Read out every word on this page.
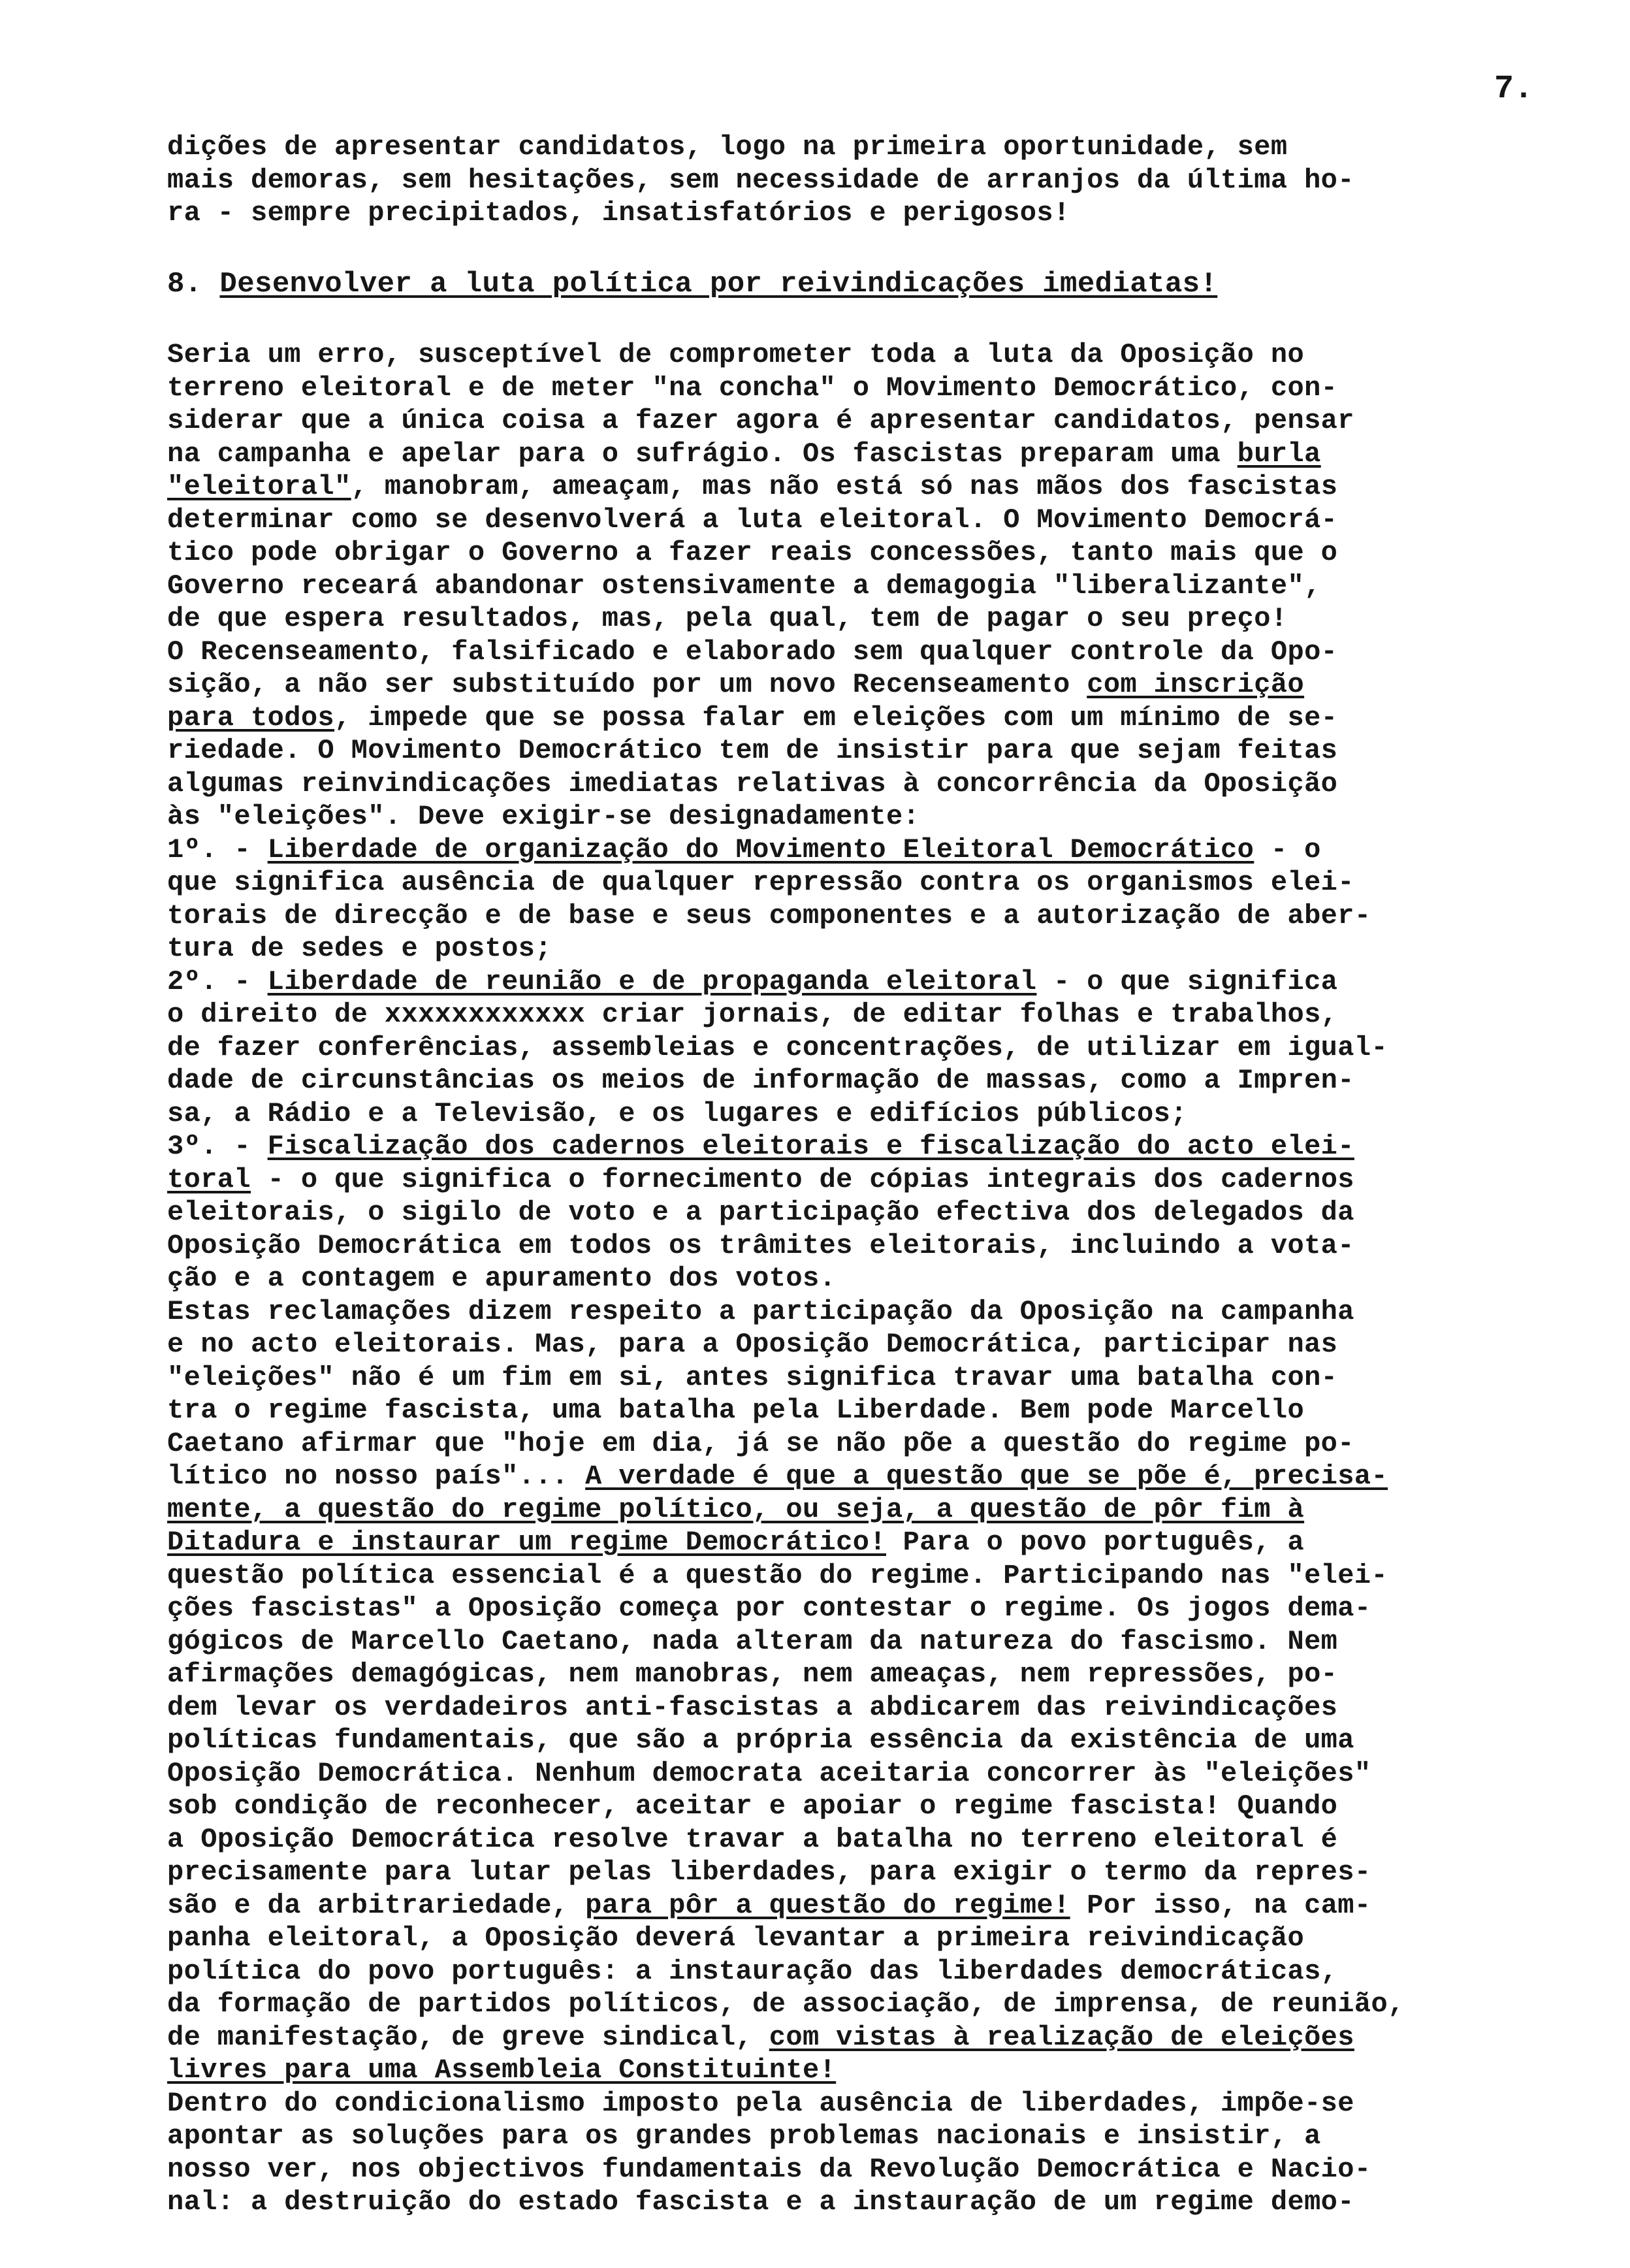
7.

dições de apresentar candidatos, logo na primeira oportunidade, sem
mais demoras, sem hesitações, sem necessidade de arranjos da última ho-
ra - sempre precipitados, insatisfatórios e perigosos!
8. Desenvolver a luta política por reivindicações imediatas!
Seria um erro, susceptível de comprometer toda a luta da Oposição no
terreno eleitoral e de meter "na concha" o Movimento Democrático, con-
siderar que a única coisa a fazer agora é apresentar candidatos, pensar
na campanha e apelar para o sufrágio. Os fascistas preparam uma burla
"eleitoral", manobram, ameaçam, mas não está só nas mãos dos fascistas
determinar como se desenvolverá a luta eleitoral. O Movimento Democrá-
tico pode obrigar o Governo a fazer reais concessões, tanto mais que o
Governo receará abandonar ostensivamente a demagogia "liberalizante",
de que espera resultados, mas, pela qual, tem de pagar o seu preço!
O Recenseamento, falsificado e elaborado sem qualquer controle da Opo-
sição, a não ser substituído por um novo Recenseamento com inscrição
para todos, impede que se possa falar em eleições com um mínimo de se-
riedade. O Movimento Democrático tem de insistir para que sejam feitas
algumas reinvindicações imediatas relativas à concorrência da Oposição
às "eleições". Deve exigir-se designadamente:
1º. - Liberdade de organização do Movimento Eleitoral Democrático - o
que significa ausência de qualquer repressão contra os organismos elei-
torais de direcção e de base e seus componentes e a autorização de aber-
tura de sedes e postos;
2º. - Liberdade de reunião e de propaganda eleitoral - o que significa
o direito de xxxxxxxxxxxx criar jornais, de editar folhas e trabalhos,
de fazer conferências, assembleias e concentrações, de utilizar em igual-
dade de circunstâncias os meios de informação de massas, como a Impren-
sa, a Rádio e a Televisão, e os lugares e edifícios públicos;
3º. - Fiscalização dos cadernos eleitorais e fiscalização do acto elei-
toral - o que significa o fornecimento de cópias integrais dos cadernos
eleitorais, o sigilo de voto e a participação efectiva dos delegados da
Oposição Democrática em todos os trâmites eleitorais, incluindo a vota-
ção e a contagem e apuramento dos votos.
Estas reclamações dizem respeito a participação da Oposição na campanha
e no acto eleitorais. Mas, para a Oposição Democrática, participar nas
"eleições" não é um fim em si, antes significa travar uma batalha con-
tra o regime fascista, uma batalha pela Liberdade. Bem pode Marcello
Caetano afirmar que "hoje em dia, já se não põe a questão do regime po-
lítico no nosso país"... A verdade é que a questão que se põe é, precisa-
mente, a questão do regime político, ou seja, a questão de pôr fim à
Ditadura e instaurar um regime Democrático! Para o povo português, a
questão política essencial é a questão do regime. Participando nas "elei-
ções fascistas" a Oposição começa por contestar o regime. Os jogos dema-
gógicos de Marcello Caetano, nada alteram da natureza do fascismo. Nem
afirmações demagógicas, nem manobras, nem ameaças, nem repressões, po-
dem levar os verdadeiros anti-fascistas a abdicarem das reivindicações
políticas fundamentais, que são a própria essência da existência de uma
Oposição Democrática. Nenhum democrata aceitaria concorrer às "eleições"
sob condição de reconhecer, aceitar e apoiar o regime fascista! Quando
a Oposição Democrática resolve travar a batalha no terreno eleitoral é
precisamente para lutar pelas liberdades, para exigir o termo da repres-
são e da arbitrariedade, para pôr a questão do regime! Por isso, na cam-
panha eleitoral, a Oposição deverá levantar a primeira reivindicação
política do povo português: a instauração das liberdades democráticas,
da formação de partidos políticos, de associação, de imprensa, de reunião,
de manifestação, de greve sindical, com vistas à realização de eleições
livres para uma Assembleia Constituinte!
Dentro do condicionalismo imposto pela ausência de liberdades, impõe-se
apontar as soluções para os grandes problemas nacionais e insistir, a
nosso ver, nos objectivos fundamentais da Revolução Democrática e Nacio-
nal: a destruição do estado fascista e a instauração de um regime demo-
